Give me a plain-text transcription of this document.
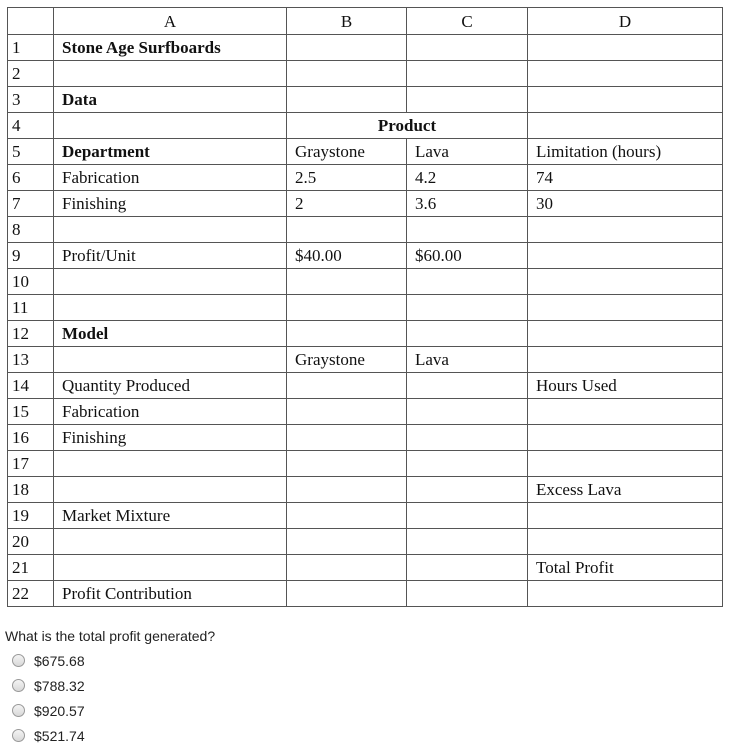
	A	B	C	D
1	Stone Age Surfboards			
2				
3	Data			
4		Product		
5	Department	Graystone	Lava	Limitation (hours)
6	Fabrication	2.5	4.2	74
7	Finishing	2	3.6	30
8				
9	Profit/Unit	$40.00	$60.00	
10				
11				
12	Model			
13		Graystone	Lava	
14	Quantity Produced			Hours Used
15	Fabrication			
16	Finishing			
17				
18				Excess Lava
19	Market Mixture			
20				
21				Total Profit
22	Profit Contribution			
What is the total profit generated?
$675.68
$788.32
$920.57
$521.74
